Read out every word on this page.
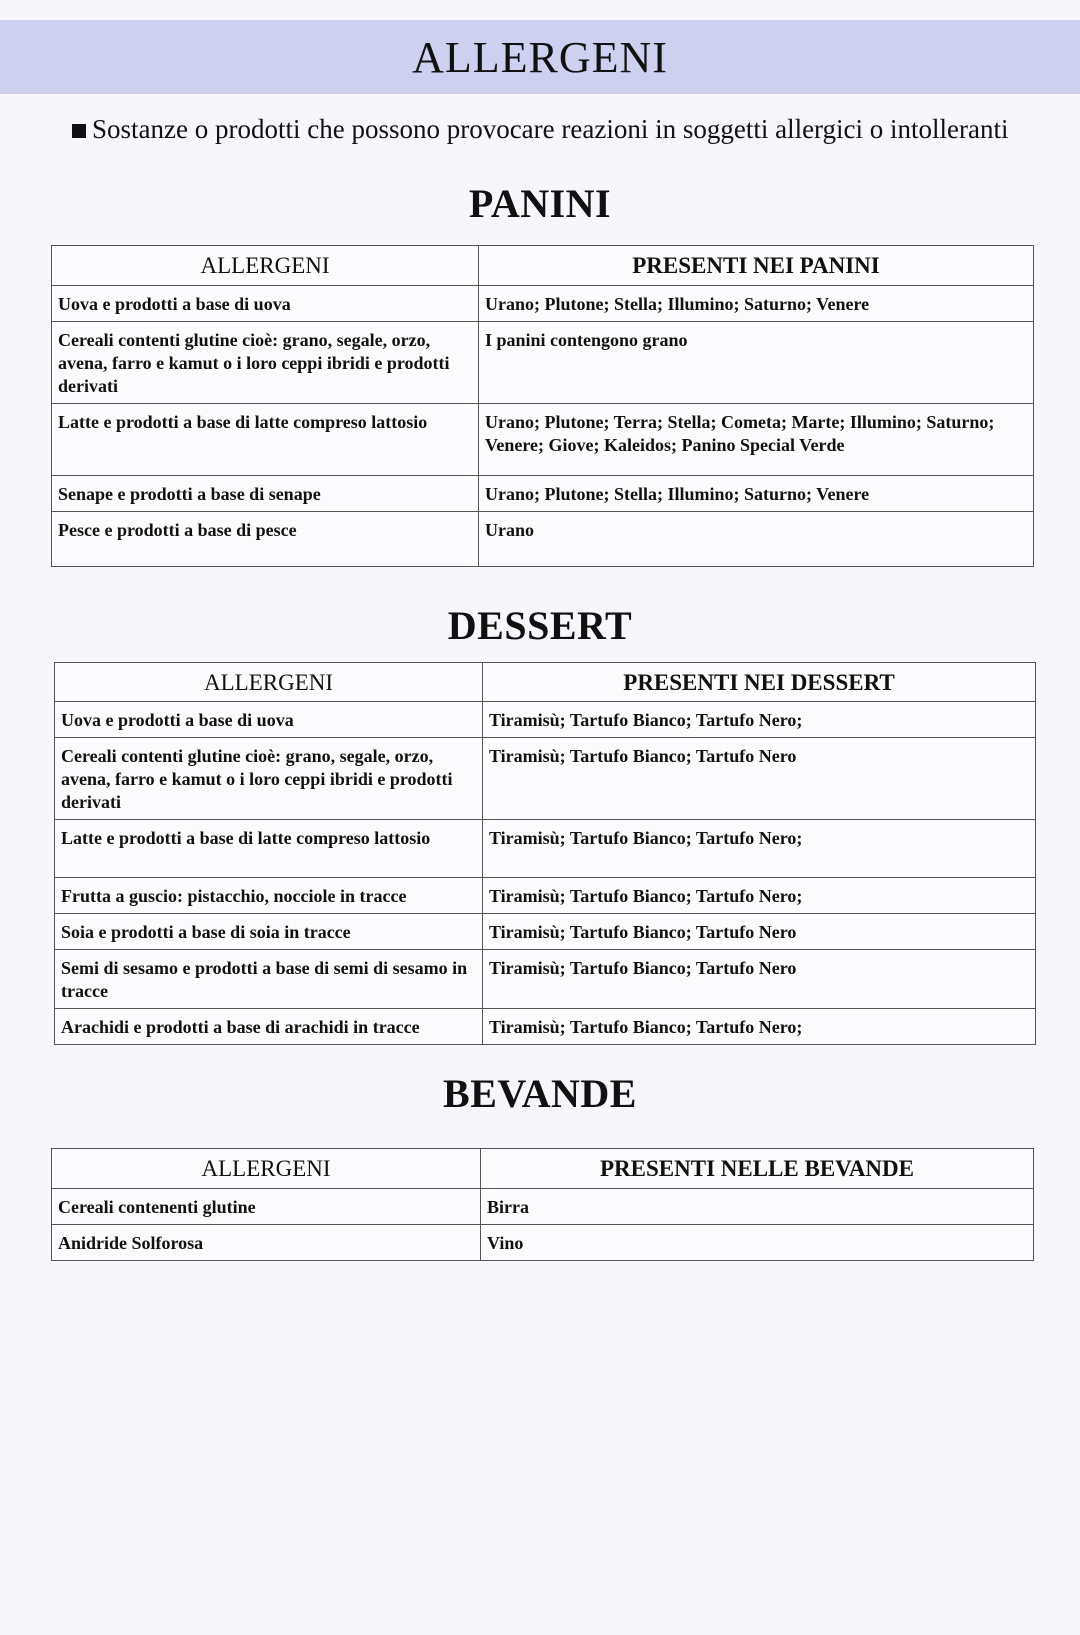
ALLERGENI
Sostanze o prodotti che possono provocare reazioni in soggetti allergici o intolleranti
PANINI
ALLERGENI	PRESENTI NEI PANINI
Uova e prodotti a base di uova	Urano; Plutone; Stella; Illumino; Saturno; Venere
Cereali contenti glutine cioè: grano, segale, orzo, avena, farro e kamut o i loro ceppi ibridi e prodotti derivati	I panini contengono grano
Latte e prodotti a base di latte compreso lattosio	Urano; Plutone; Terra; Stella; Cometa; Marte; Illumino; Saturno; Venere; Giove; Kaleidos; Panino Special Verde
Senape e prodotti a base di senape	Urano; Plutone; Stella; Illumino; Saturno; Venere
Pesce e prodotti a base di pesce	Urano
DESSERT
ALLERGENI	PRESENTI NEI DESSERT
Uova e prodotti a base di uova	Tiramisù; Tartufo Bianco; Tartufo Nero;
Cereali contenti glutine cioè: grano, segale, orzo, avena, farro e kamut o i loro ceppi ibridi e prodotti derivati	Tiramisù; Tartufo Bianco; Tartufo Nero
Latte e prodotti a base di latte compreso lattosio	Tiramisù; Tartufo Bianco; Tartufo Nero;
Frutta a guscio: pistacchio, nocciole in tracce	Tiramisù; Tartufo Bianco; Tartufo Nero;
Soia e prodotti a base di soia in tracce	Tiramisù; Tartufo Bianco; Tartufo Nero
Semi di sesamo e prodotti a base di semi di sesamo in tracce	Tiramisù; Tartufo Bianco; Tartufo Nero
Arachidi e prodotti a base di arachidi in tracce	Tiramisù; Tartufo Bianco; Tartufo Nero;
BEVANDE
ALLERGENI	PRESENTI NELLE BEVANDE
Cereali contenenti glutine	Birra
Anidride Solforosa	Vino
